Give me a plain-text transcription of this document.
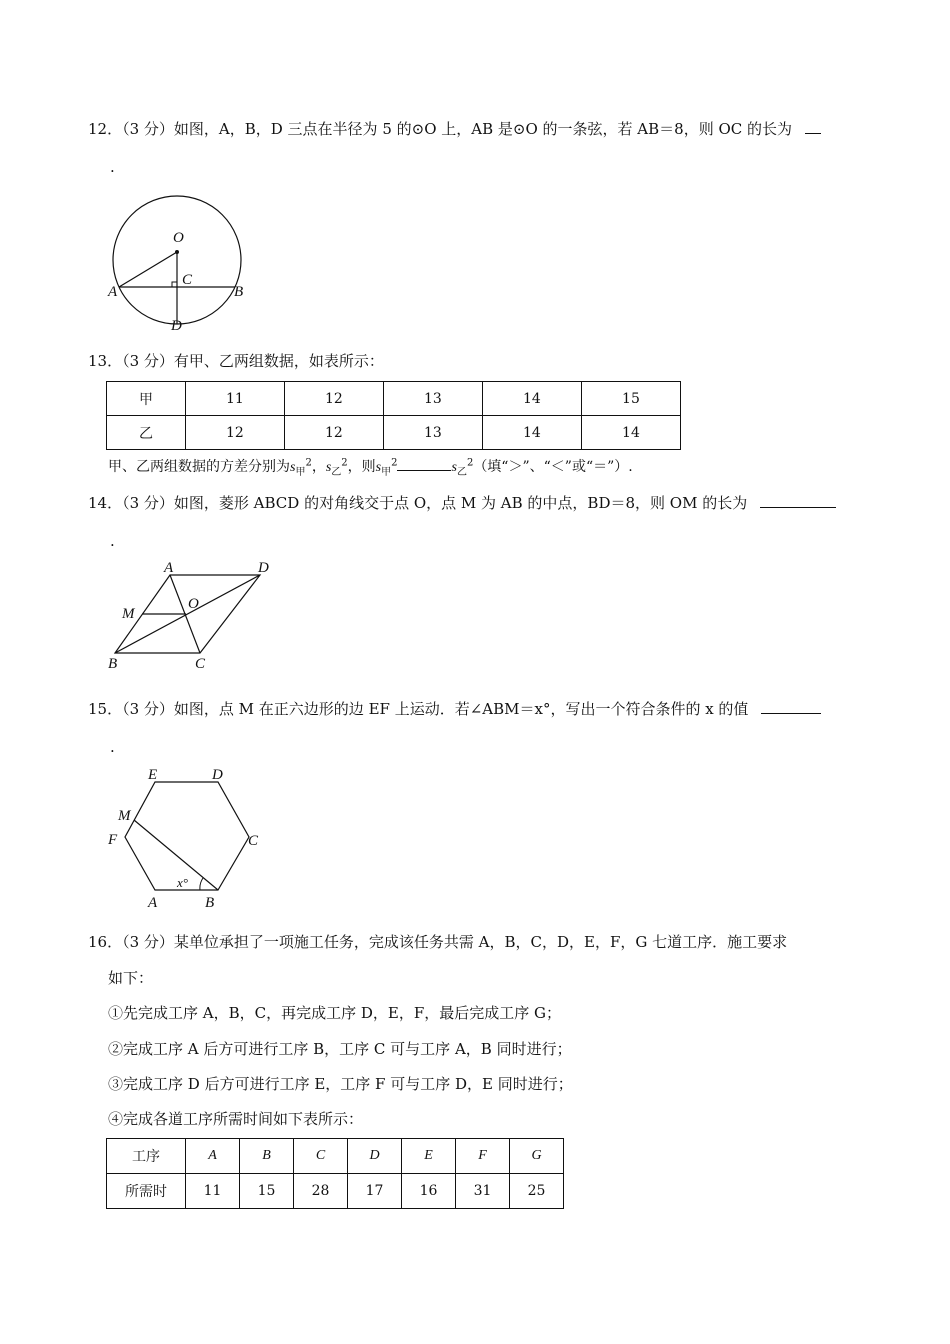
12．（3 分）如图，A，B，D 三点在半径为 5 的⊙O 上，AB 是⊙O 的一条弦，若 AB＝8，则 OC 的长为
.
O
C
A	B
D
13．（3 分）有甲、乙两组数据，如表所示：
甲	11	12	13	14	15
乙	12	12	13	14	14
甲、乙两组数据的方差分别为$s_甲^2$，$s_乙^2$，则$s_甲^2$	$s_乙^2$（填“＞”、“＜”或“＝”）.
14．（3 分）如图，菱形 ABCD 的对角线交于点 O，点 M 为 AB 的中点，BD＝8，则 OM 的长为
.
A	D
M
O
B	C
15．（3 分）如图，点 M 在正六边形的边 EF 上运动．若∠ABM＝x°，写出一个符合条件的 x 的值
.
E	D
M
F	C
x°
A	B
16．（3 分）某单位承担了一项施工任务，完成该任务共需 A，B，C，D，E，F，G 七道工序．施工要求
如下：
①先完成工序 A，B，C，再完成工序 D，E，F，最后完成工序 G；
②完成工序 A 后方可进行工序 B，工序 C 可与工序 A，B 同时进行；
③完成工序 D 后方可进行工序 E，工序 F 可与工序 D，E 同时进行；
④完成各道工序所需时间如下表所示：
工序	A	B	C	D	E	F	G
所需时	11	15	28	17	16	31	25
